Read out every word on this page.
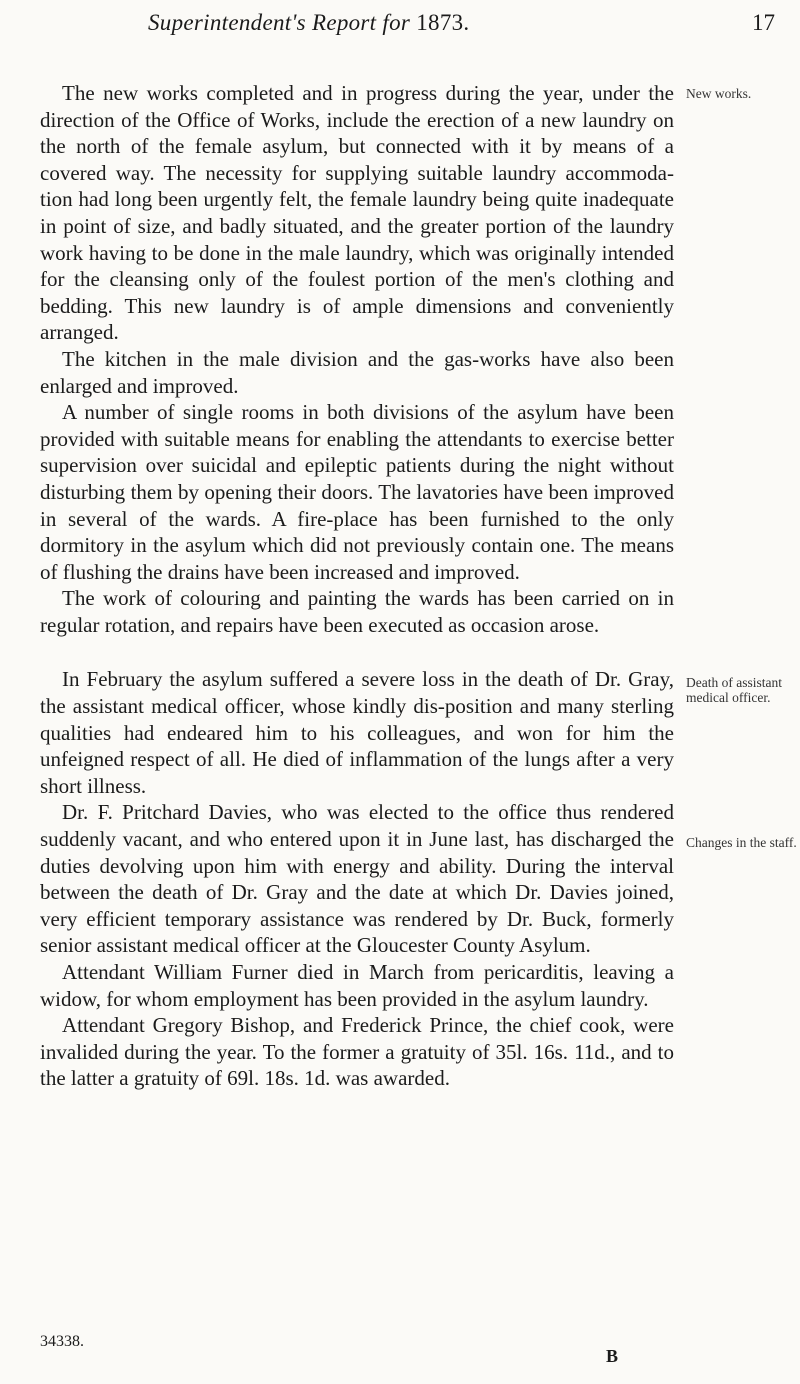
Superintendent's Report for 1873.	17
New works.
Death of assistant medical officer.
Changes in the staff.

The new works completed and in progress during the year, under the direction of the Office of Works, include the erection of a new laundry on the north of the female asylum, but connected with it by means of a covered way. The necessity for supplying suitable laundry accommoda-tion had long been urgently felt, the female laundry being quite inadequate in point of size, and badly situated, and the greater portion of the laundry work having to be done in the male laundry, which was originally intended for the cleansing only of the foulest portion of the men's clothing and bedding. This new laundry is of ample dimensions and conveniently arranged.

The kitchen in the male division and the gas-works have also been enlarged and improved.

A number of single rooms in both divisions of the asylum have been provided with suitable means for enabling the attendants to exercise better supervision over suicidal and epileptic patients during the night without disturbing them by opening their doors. The lavatories have been improved in several of the wards. A fire-place has been furnished to the only dormitory in the asylum which did not previously contain one. The means of flushing the drains have been increased and improved.

The work of colouring and painting the wards has been carried on in regular rotation, and repairs have been executed as occasion arose.

In February the asylum suffered a severe loss in the death of Dr. Gray, the assistant medical officer, whose kindly dis-position and many sterling qualities had endeared him to his colleagues, and won for him the unfeigned respect of all. He died of inflammation of the lungs after a very short illness.

Dr. F. Pritchard Davies, who was elected to the office thus rendered suddenly vacant, and who entered upon it in June last, has discharged the duties devolving upon him with energy and ability. During the interval between the death of Dr. Gray and the date at which Dr. Davies joined, very efficient temporary assistance was rendered by Dr. Buck, formerly senior assistant medical officer at the Gloucester County Asylum.

Attendant William Furner died in March from pericarditis, leaving a widow, for whom employment has been provided in the asylum laundry.

Attendant Gregory Bishop, and Frederick Prince, the chief cook, were invalided during the year. To the former a gratuity of 35l. 16s. 11d., and to the latter a gratuity of 69l. 18s. 1d. was awarded.

34338.
B
